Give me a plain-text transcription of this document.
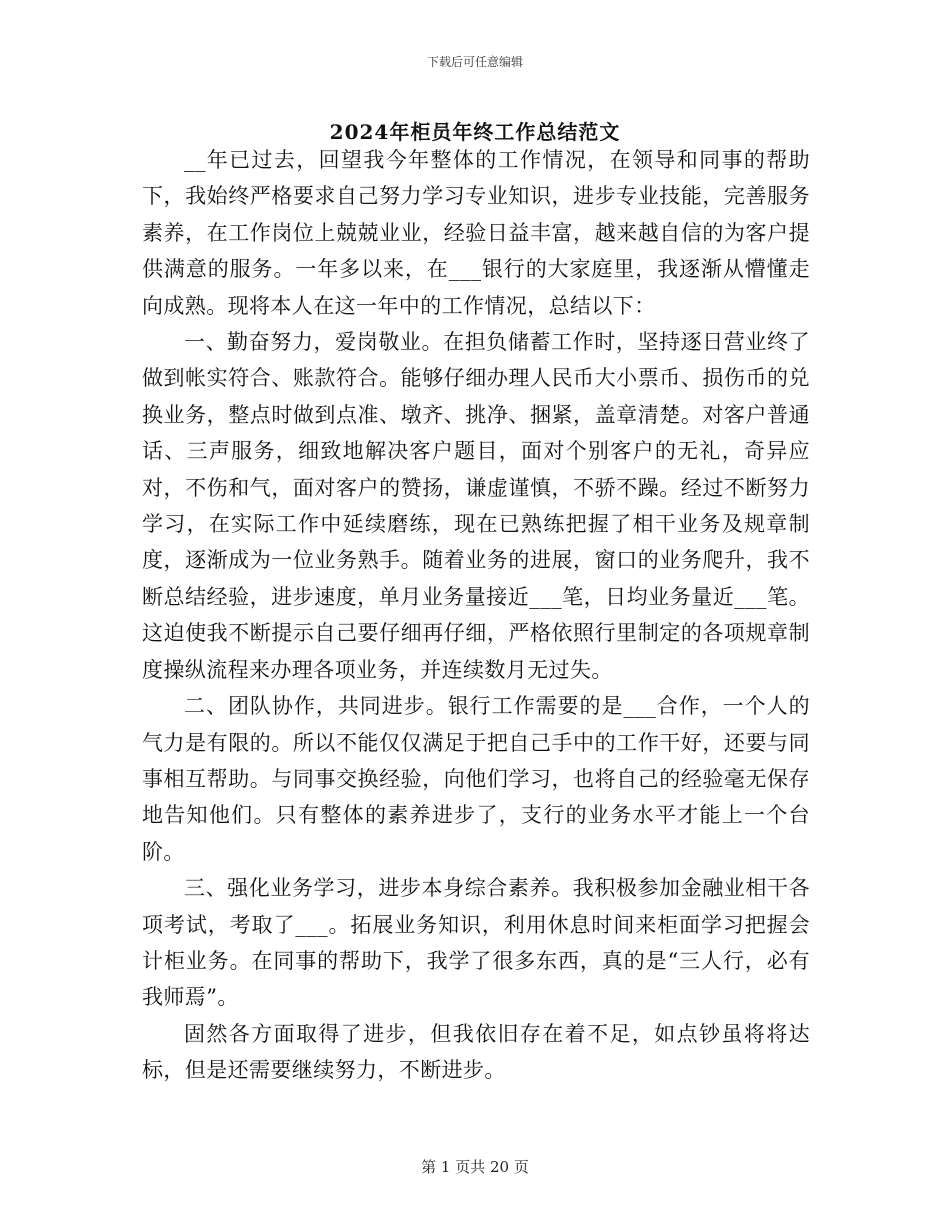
下载后可任意编辑
2024年柜员年终工作总结范文

__年已过去，回望我今年整体的工作情况，在领导和同事的帮助下，我始终严格要求自己努力学习专业知识，进步专业技能，完善服务素养，在工作岗位上兢兢业业，经验日益丰富，越来越自信的为客户提供满意的服务。一年多以来，在___银行的大家庭里，我逐渐从懵懂走向成熟。现将本人在这一年中的工作情况，总结以下：

一、勤奋努力，爱岗敬业。在担负储蓄工作时，坚持逐日营业终了做到帐实符合、账款符合。能够仔细办理人民币大小票币、损伤币的兑换业务，整点时做到点准、墩齐、挑净、捆紧，盖章清楚。对客户普通话、三声服务，细致地解决客户题目，面对个别客户的无礼，奇异应对，不伤和气，面对客户的赞扬，谦虚谨慎，不骄不躁。经过不断努力学习，在实际工作中延续磨练，现在已熟练把握了相干业务及规章制度，逐渐成为一位业务熟手。随着业务的进展，窗口的业务爬升，我不断总结经验，进步速度，单月业务量接近___笔，日均业务量近___笔。这迫使我不断提示自己要仔细再仔细，严格依照行里制定的各项规章制度操纵流程来办理各项业务，并连续数月无过失。

二、团队协作，共同进步。银行工作需要的是___合作，一个人的气力是有限的。所以不能仅仅满足于把自己手中的工作干好，还要与同事相互帮助。与同事交换经验，向他们学习，也将自己的经验毫无保存地告知他们。只有整体的素养进步了，支行的业务水平才能上一个台阶。

三、强化业务学习，进步本身综合素养。我积极参加金融业相干各项考试，考取了___。拓展业务知识，利用休息时间来柜面学习把握会计柜业务。在同事的帮助下，我学了很多东西，真的是“三人行，必有我师焉”。

固然各方面取得了进步，但我依旧存在着不足，如点钞虽将将达标，但是还需要继续努力，不断进步。

第 1 页共 20 页
